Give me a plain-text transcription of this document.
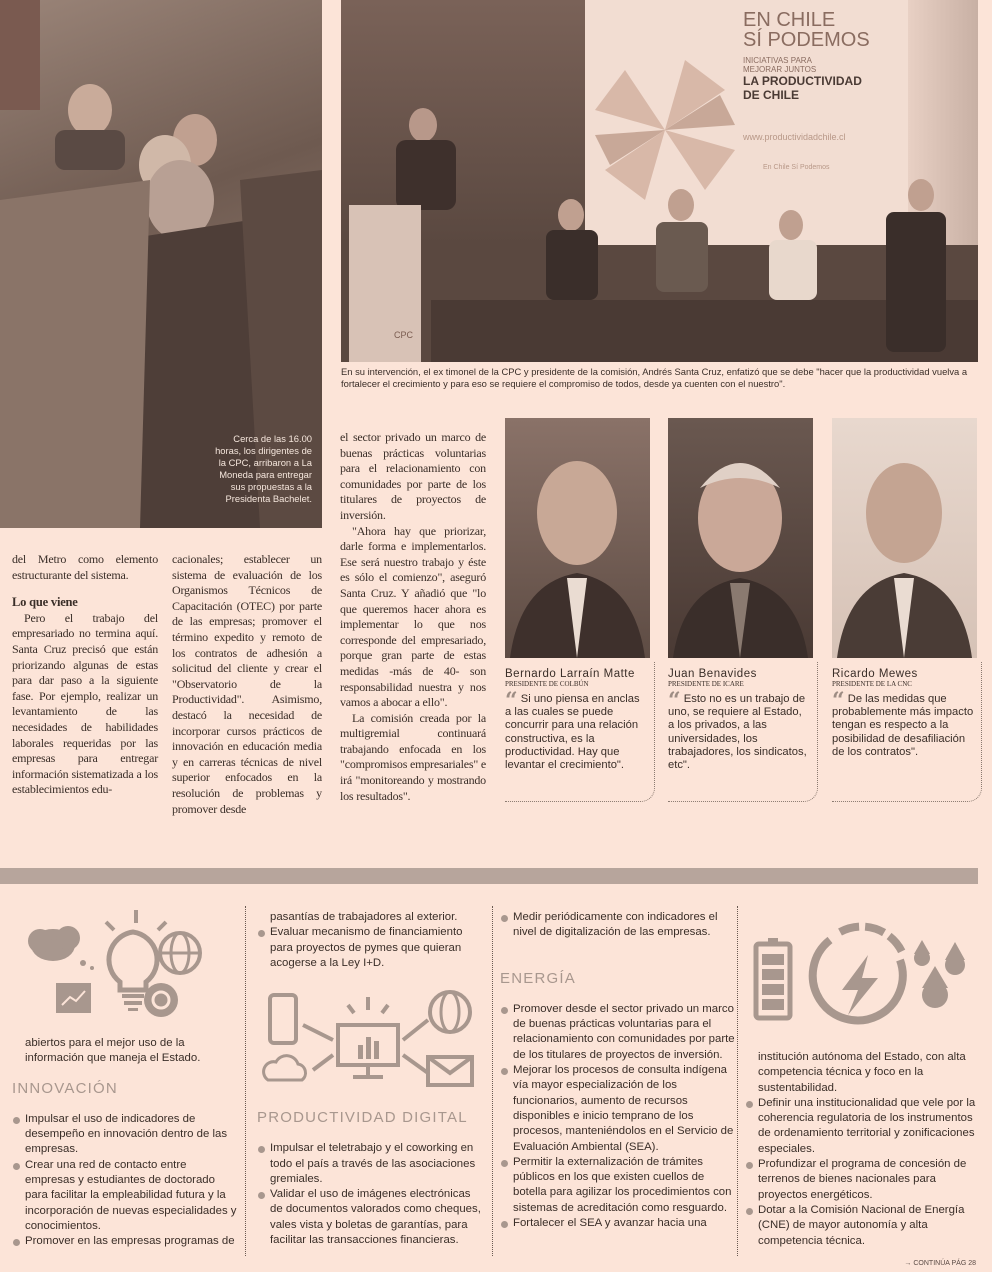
Cerca de las 16.00 horas, los dirigentes de la CPC, arribaron a La Moneda para entregar sus propuestas a la Presidenta Bachelet.
EN CHILE
SÍ PODEMOS
INICIATIVAS PARA
MEJORAR JUNTOS
LA PRODUCTIVIDAD
DE CHILE
www.productividadchile.cl
En Chile Sí Podemos
CPC
En su intervención, el ex timonel de la CPC y presidente de la comisión, Andrés Santa Cruz, enfatizó que se debe "hacer que la productividad vuelva a fortalecer el crecimiento y para eso se requiere el compromiso de todos, desde ya cuenten con el nuestro".

del Metro como elemento estructurante del sistema.

Lo que viene

Pero el trabajo del empresariado no termina aquí. Santa Cruz precisó que están priorizando algunas de estas para dar paso a la siguiente fase. Por ejemplo, realizar un levantamiento de las necesidades de habilidades laborales requeridas por las empresas para entregar información sistematizada a los establecimientos edu-

cacionales; establecer un sistema de evaluación de los Organismos Técnicos de Capacitación (OTEC) por parte de las empresas; promover el término expedito y remoto de los contratos de adhesión a solicitud del cliente y crear el "Observatorio de la Productividad". Asimismo, destacó la necesidad de incorporar cursos prácticos de innovación en educación media y en carreras técnicas de nivel superior enfocados en la resolución de problemas y promover desde

el sector privado un marco de buenas prácticas voluntarias para el relacionamiento con comunidades por parte de los titulares de proyectos de inversión.

"Ahora hay que priorizar, darle forma e implementarlos. Ese será nuestro trabajo y éste es sólo el comienzo", aseguró Santa Cruz. Y añadió que "lo que queremos hacer ahora es implementar lo que nos corresponde del empresariado, porque gran parte de estas medidas -más de 40- son responsabilidad nuestra y nos vamos a abocar a ello".

La comisión creada por la multigremial continuará trabajando enfocada en los "compromisos empresariales" e irá "monitoreando y mostrando los resultados".

Bernardo Larraín Matte
PRESIDENTE DE COLBÚN
“ Si uno piensa en anclas a las cuales se puede concurrir para una relación constructiva, es la productividad. Hay que levantar el crecimiento".
Juan Benavides
PRESIDENTE DE ICARE
“ Esto no es un trabajo de uno, se requiere al Estado, a los privados, a las universidades, los trabajadores, los sindicatos, etc".
Ricardo Mewes
PRESIDENTE DE LA CNC
“ De las medidas que probablemente más impacto tengan es respecto a la posibilidad de desafiliación de los contratos".
abiertos para el mejor uso de la información que maneja el Estado.
INNOVACIÓN
Impulsar el uso de indicadores de desempeño en innovación dentro de las empresas.
Crear una red de contacto entre empresas y estudiantes de doctorado para facilitar la empleabilidad futura y la incorporación de nuevas especialidades y conocimientos.
Promover en las empresas programas de
pasantías de trabajadores al exterior.
Evaluar mecanismo de financiamiento para proyectos de pymes que quieran acogerse a la Ley I+D.
PRODUCTIVIDAD DIGITAL
Impulsar el teletrabajo y el coworking en todo el país a través de las asociaciones gremiales.
Validar el uso de imágenes electrónicas de documentos valorados como cheques, vales vista y boletas de garantías, para facilitar las transacciones financieras.
Medir periódicamente con indicadores el nivel de digitalización de las empresas.
ENERGÍA
Promover desde el sector privado un marco de buenas prácticas voluntarias para el relacionamiento con comunidades por parte de los titulares de proyectos de inversión.
Mejorar los procesos de consulta indígena vía mayor especialización de los funcionarios, aumento de recursos disponibles e inicio temprano de los procesos, manteniéndolos en el Servicio de Evaluación Ambiental (SEA).
Permitir la externalización de trámites públicos en los que existen cuellos de botella para agilizar los procedimientos con sistemas de acreditación como resguardo.
Fortalecer el SEA y avanzar hacia una
institución autónoma del Estado, con alta competencia técnica y foco en la sustentabilidad.
Definir una institucionalidad que vele por la coherencia regulatoria de los instrumentos de ordenamiento territorial y zonificaciones especiales.
Profundizar el programa de concesión de terrenos de bienes nacionales para proyectos energéticos.
Dotar a la Comisión Nacional de Energía (CNE) de mayor autonomía y alta competencia técnica.
→ CONTINÚA PÁG 28
